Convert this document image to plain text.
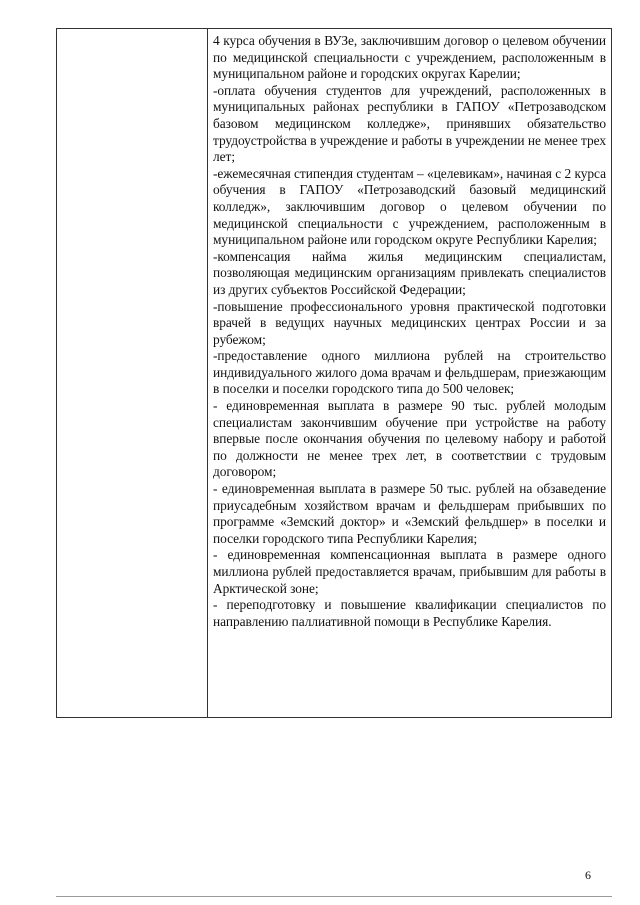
4 курса обучения в ВУЗе, заключившим договор о целевом обучении по медицинской специальности с учреждением, расположенным в муниципальном районе и городских округах Карелии;

-оплата обучения студентов для учреждений, расположенных в муниципальных районах республики в ГАПОУ «Петрозаводском базовом медицинском колледже», принявших обязательство трудоустройства в учреждение и работы в учреждении не менее трех лет;

-ежемесячная стипендия студентам – «целевикам», начиная с 2 курса обучения в ГАПОУ «Петрозаводский базовый медицинский колледж», заключившим договор о целевом обучении по медицинской специальности с учреждением, расположенным в муниципальном районе или городском округе Республики Карелия;

-компенсация найма жилья медицинским специалистам, позволяющая медицинским организациям привлекать специалистов из других субъектов Российской Федерации;

-повышение профессионального уровня практической подготовки врачей в ведущих научных медицинских центрах России и за рубежом;

-предоставление одного миллиона рублей на строительство индивидуального жилого дома врачам и фельдшерам, приезжающим в поселки и поселки городского типа до 500 человек;

- единовременная выплата в размере 90 тыс. рублей молодым специалистам закончившим обучение при устройстве на работу впервые после окончания обучения по целевому набору и работой по должности не менее трех лет, в соответствии с трудовым договором;

- единовременная выплата в размере 50 тыс. рублей на обзаведение приусадебным хозяйством врачам и фельдшерам прибывших по программе «Земский доктор» и «Земский фельдшер» в поселки и поселки городского типа Республики Карелия;

- единовременная компенсационная выплата в размере одного миллиона рублей предоставляется врачам, прибывшим для работы в Арктической зоне;

- переподготовку и повышение квалификации специалистов по направлению паллиативной помощи в Республике Карелия.

6
